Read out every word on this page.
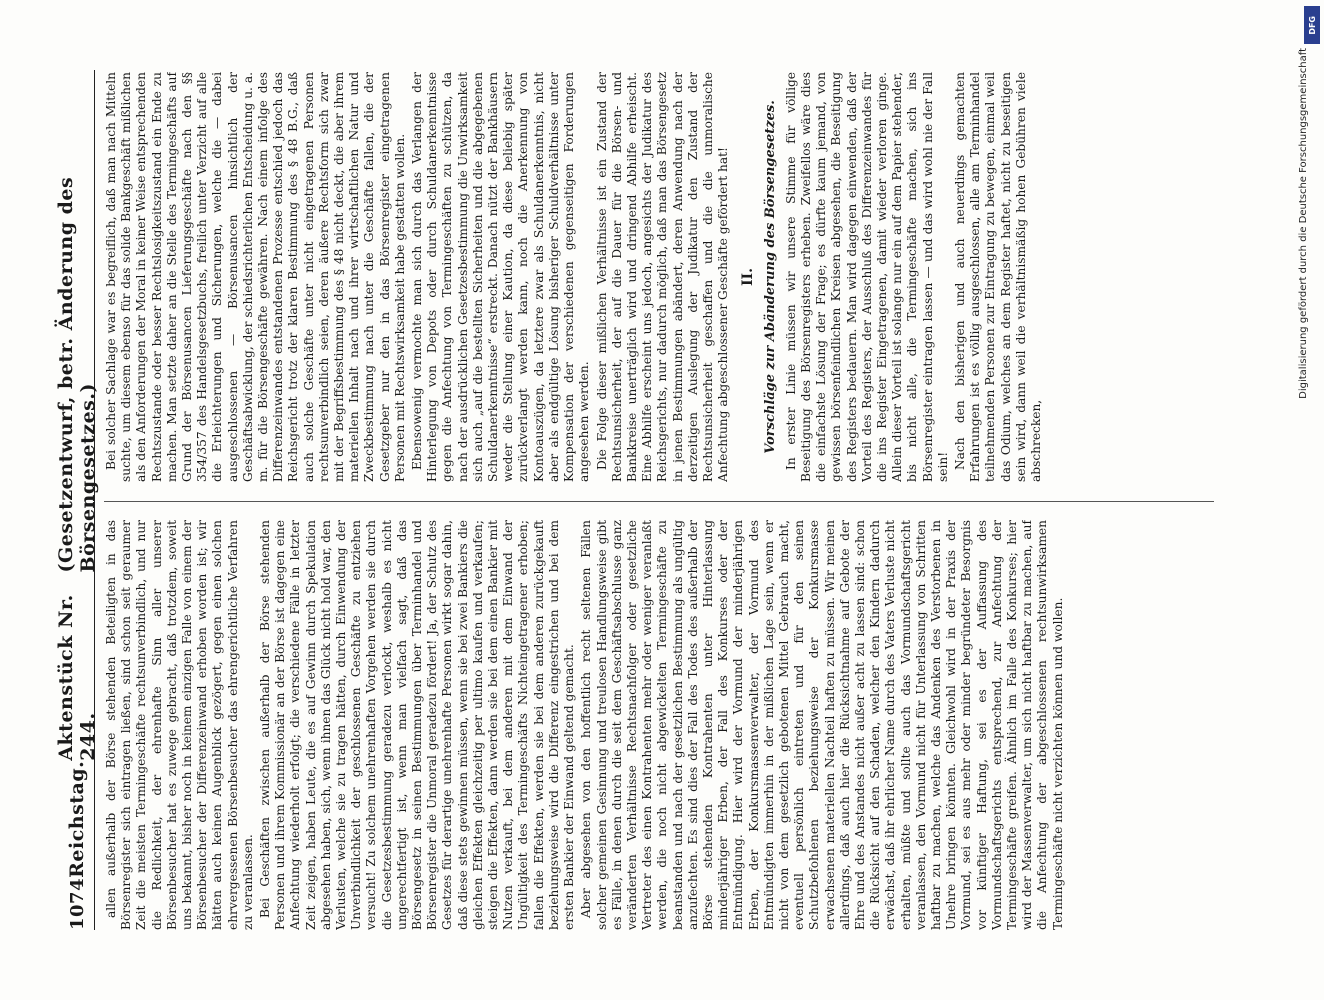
1074
Reichstag.
Aktenstück Nr. 244.
(Gesetzentwurf, betr. Änderung des Börsengesetzes.)

allen außerhalb der Börse stehenden Beteiligten in das Börsenregister sich eintragen ließen, sind schon seit geraumer Zeit die meisten Termingeschäfte rechtsunverbindlich, und nur die Redlichkeit, der ehrenhafte Sinn aller unserer Börsenbesucher hat es zuwege gebracht, daß trotzdem, soweit uns bekannt, bisher noch in keinem einzigen Falle von einem der Börsenbesucher der Differenzeinwand erhoben worden ist; wir hätten auch keinen Augenblick gezögert, gegen einen solchen ehrvergessenen Börsenbesucher das ehrengerichtliche Verfahren zu veranlassen. Bei Geschäften zwischen außerhalb der Börse stehenden Personen und ihrem Kommissionär an der Börse ist dagegen eine Anfechtung wiederholt erfolgt; die verschiedene Fälle in letzter Zeit zeigen, haben Leute, die es auf Gewinn durch Spekulation abgesehen haben, sich, wenn ihnen das Glück nicht hold war, den Verlusten, welche sie zu tragen hätten, durch Einwendung der Unverbindlichkeit der geschlossenen Geschäfte zu entziehen versucht! Zu solchem unehrenhaften Vorgehen werden sie durch die Gesetzesbestimmung geradezu verlockt, weshalb es nicht ungerechtfertigt ist, wenn man vielfach sagt, daß das Börsengesetz in seinen Bestimmungen über Terminhandel und Börsenregister die Unmoral geradezu fördert! Ja, der Schutz des Gesetzes für derartige unehrenhafte Personen wirkt sogar dahin, daß diese stets gewinnen müssen, wenn sie bei zwei Bankiers die gleichen Effekten gleichzeitig per ultimo kaufen und verkaufen; steigen die Effekten, dann werden sie bei dem einen Bankier mit Nutzen verkauft, bei dem anderen mit dem Einwand der Ungültigkeit des Termingeschäfts Nichteingetragener erhoben; fallen die Effekten, werden sie bei dem anderen zurückgekauft beziehungsweise wird die Differenz eingestrichen und bei dem ersten Bankier der Einwand geltend gemacht. Aber abgesehen von den hoffentlich recht seltenen Fällen solcher gemeinen Gesinnung und treulosen Handlungsweise gibt es Fälle, in denen durch die seit dem Geschäftsabschlusse ganz veränderten Verhältnisse Rechtsnachfolger oder gesetzliche Vertreter des einen Kontrahenten mehr oder weniger veranlaßt werden, die noch nicht abgewickelten Termingeschäfte zu beanstanden und nach der gesetzlichen Bestimmung als ungültig anzufechten. Es sind dies der Fall des Todes des außerhalb der Börse stehenden Kontrahenten unter Hinterlassung minderjähriger Erben, der Fall des Konkurses oder der Entmündigung. Hier wird der Vormund der minderjährigen Erben, der Konkursmassenverwalter, der Vormund des Entmündigten immerhin in der mißlichen Lage sein, wenn er nicht von dem gesetzlich gebotenen Mittel Gebrauch macht, eventuell persönlich eintreten und für den seinen Schutzbefohlenen beziehungsweise der Konkursmasse erwachsenen materiellen Nachteil haften zu müssen. Wir meinen allerdings, daß auch hier die Rücksichtnahme auf Gebote der Ehre und des Anstandes nicht außer acht zu lassen sind: schon die Rücksicht auf den Schaden, welcher den Kindern dadurch erwächst, daß ihr ehrlicher Name durch des Vaters Verluste nicht erhalten, müßte und sollte auch das Vormundschaftsgericht veranlassen, den Vormund nicht für Unterlassung von Schritten haftbar zu machen, welche das Andenken des Verstorbenen in Unehre bringen könnten. Gleichwohl wird in der Praxis der Vormund, sei es aus mehr oder minder begründeter Besorgnis vor künftiger Haftung, sei es der Auffassung des Vormundschaftsgerichts entsprechend, zur Anfechtung der Termingeschäfte greifen. Ähnlich im Falle des Konkurses; hier wird der Massenverwalter, um sich nicht haftbar zu machen, auf die Anfechtung der abgeschlossenen rechtsunwirksamen Termingeschäfte nicht verzichten können und wollen.

Bei solcher Sachlage war es begreiflich, daß man nach Mitteln suchte, um diesem ebenso für das solide Bankgeschäft mißlichen als den Anforderungen der Moral in keiner Weise entsprechenden Rechtszustande oder besser Rechtslosigkeitszustand ein Ende zu machen. Man setzte daher an die Stelle des Termingeschäfts auf Grund der Börsenusancen Lieferungsgeschäfte nach den §§ 354/357 des Handelsgesetzbuchs, freilich unter Verzicht auf alle die Erleichterungen und Sicherungen, welche die — dabei ausgeschlossenen — Börsenusancen hinsichtlich der Geschäftsabwicklung, der schiedsrichterlichen Entscheidung u. a. m. für die Börsengeschäfte gewähren. Nach einem infolge des Differenzeinwandes entstandenen Prozesse entschied jedoch das Reichsgericht trotz der klaren Bestimmung des § 48 B.G., daß auch solche Geschäfte unter nicht eingetragenen Personen rechtsunverbindlich seien, deren äußere Rechtsform sich zwar mit der Begriffsbestimmung des § 48 nicht deckt, die aber ihrem materiellen Inhalt nach und ihrer wirtschaftlichen Natur und Zweckbestimmung nach unter die Geschäfte fallen, die der Gesetzgeber nur den in das Börsenregister eingetragenen Personen mit Rechtswirksamkeit habe gestatten wollen. Ebensowenig vermochte man sich durch das Verlangen der Hinterlegung von Depots oder durch Schuldanerkenntnisse gegen die Anfechtung von Termingeschäften zu schützen, da nach der ausdrücklichen Gesetzesbestimmung die Unwirksamkeit sich auch „auf die bestellten Sicherheiten und die abgegebenen Schuldanerkenntnisse“ erstreckt. Danach nützt der Bankhäusern weder die Stellung einer Kaution, da diese beliebig später zurückverlangt werden kann, noch die Anerkennung von Kontoauszügen, da letztere zwar als Schuldanerkenntnis, nicht aber als endgültige Lösung bisheriger Schuldverhältnisse unter Kompensation der verschiedenen gegenseitigen Forderungen angesehen werden. Die Folge dieser mißlichen Verhältnisse ist ein Zustand der Rechtsunsicherheit, der auf die Dauer für die Börsen- und Bankkreise unerträglich wird und dringend Abhilfe erheischt. Eine Abhilfe erscheint uns jedoch, angesichts der Judikatur des Reichsgerichts, nur dadurch möglich, daß man das Börsengesetz in jenen Bestimmungen abändert, deren Anwendung nach der derzeitigen Auslegung der Judikatur den Zustand der Rechtsunsicherheit geschaffen und die die unmoralische Anfechtung abgeschlossener Geschäfte gefördert hat! II. Vorschläge zur Abänderung des Börsengesetzes. In erster Linie müssen wir unsere Stimme für völlige Beseitigung des Börsenregisters erheben. Zweifellos wäre dies die einfachste Lösung der Frage; es dürfte kaum jemand, von gewissen börsenfeindlichen Kreisen abgesehen, die Beseitigung des Registers bedauern. Man wird dagegen einwenden, daß der Vorteil des Registers, der Ausschluß des Differenzeinwandes für die ins Register Eingetragenen, damit wieder verloren ginge. Allein dieser Vorteil ist solange nur ein auf dem Papier stehender, bis nicht alle, die Termingeschäfte machen, sich ins Börsenregister eintragen lassen — und das wird wohl nie der Fall sein! Nach den bisherigen und auch neuerdings gemachten Erfahrungen ist es völlig ausgeschlossen, alle am Terminhandel teilnehmenden Personen zur Eintragung zu bewegen, einmal weil das Odium, welches an dem Register haftet, nicht zu beseitigen sein wird, dann weil die verhältnismäßig hohen Gebühren viele abschrecken,

DFG
Digitalisierung gefördert durch die Deutsche Forschungsgemeinschaft
